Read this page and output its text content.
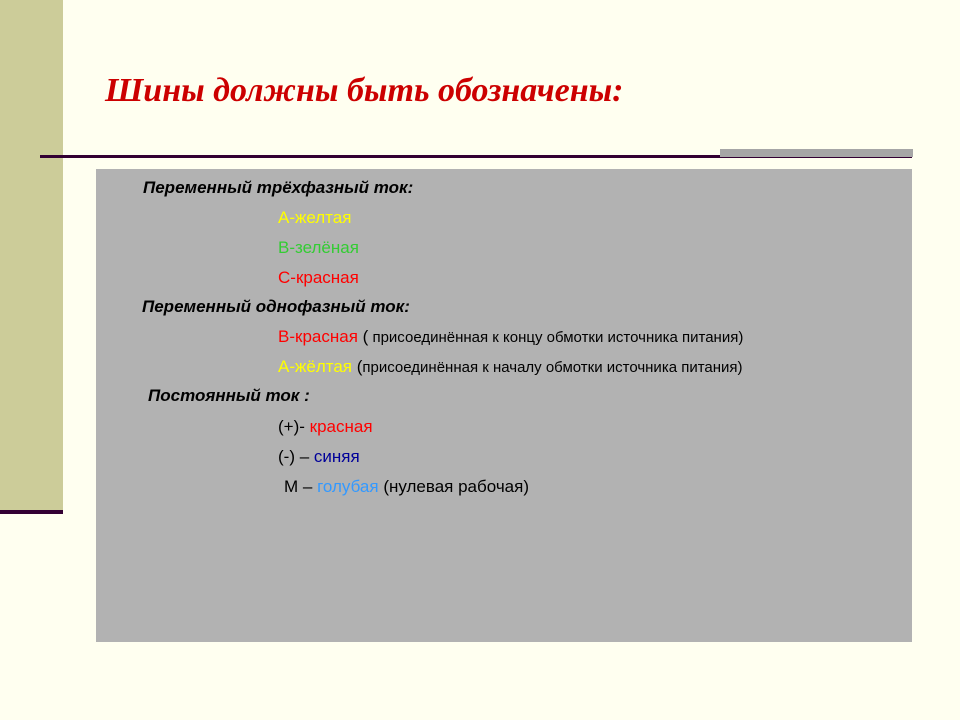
Шины должны быть обозначены:
Переменный трёхфазный ток:
А-желтая
В-зелёная
С-красная
Переменный однофазный ток:
В-красная ( присоединённая к концу обмотки источника питания)
А-жёлтая (присоединённая к началу обмотки источника питания)
Постоянный ток :
(+)- красная
(-) – синяя
М – голубая (нулевая рабочая)
